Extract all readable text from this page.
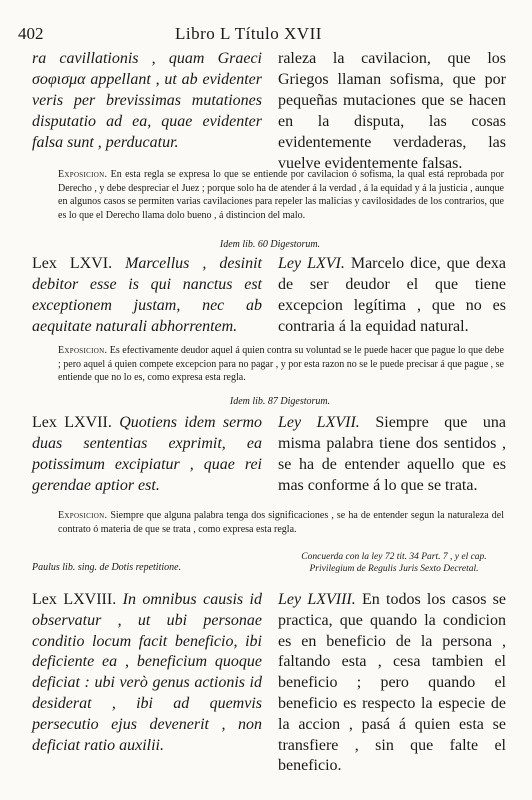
402	Libro L Título XVII
ra cavillationis , quam Graeci σοφισμα appellant , ut ab evidenter veris per brevissimas mutationes disputatio ad ea, quae evidenter falsa sunt , perducatur.
raleza la cavilacion, que los Griegos llaman sofisma, que por pequeñas mutaciones que se hacen en la disputa, las cosas evidentemente verdaderas, las vuelve evidentemente falsas.
Exposicion. En esta regla se expresa lo que se entiende por cavilacion ó sofisma, la qual está reprobada por Derecho , y debe despreciar el Juez ; porque solo ha de atender á la verdad , á la equidad y á la justicia , aunque en algunos casos se permiten varias cavilaciones para repeler las malicias y cavilosidades de los contrarios, que es lo que el Derecho llama dolo bueno , á distincion del malo.
Idem lib. 60 Digestorum.
Lex LXVI. Marcellus , desinit debitor esse is qui nanctus est exceptionem justam, nec ab aequitate naturali abhorrentem.
Ley LXVI. Marcelo dice, que dexa de ser deudor el que tiene excepcion legítima , que no es contraria á la equidad natural.
Exposicion. Es efectivamente deudor aquel á quien contra su voluntad se le puede hacer que pague lo que debe ; pero aquel á quien compete excepcion para no pagar , y por esta razon no se le puede precisar á que pague , se entiende que no lo es, como expresa esta regla.
Idem lib. 87 Digestorum.
Lex LXVII. Quotiens idem sermo duas sententias exprimit, ea potissimum excipiatur , quae rei gerendae aptior est.
Ley LXVII. Siempre que una misma palabra tiene dos sentidos , se ha de entender aquello que es mas conforme á lo que se trata.
Exposicion. Siempre que alguna palabra tenga dos significaciones , se ha de entender segun la naturaleza del contrato ó materia de que se trata , como expresa esta regla.
Paulus lib. sing. de Dotis repetitione.
Concuerda con la ley 72 tit. 34 Part. 7 , y el cap. Privilegium de Regulis Juris Sexto Decretal.
Lex LXVIII. In omnibus causis id observatur , ut ubi personae conditio locum facit beneficio, ibi deficiente ea , beneficium quoque deficiat : ubi verò genus actionis id desiderat , ibi ad quemvis persecutio ejus devenerit , non deficiat ratio auxilii.
Ley LXVIII. En todos los casos se practica, que quando la condicion es en beneficio de la persona , faltando esta , cesa tambien el beneficio ; pero quando el beneficio es respecto la especie de la accion , pasá á quien esta se transfiere , sin que falte el beneficio.
